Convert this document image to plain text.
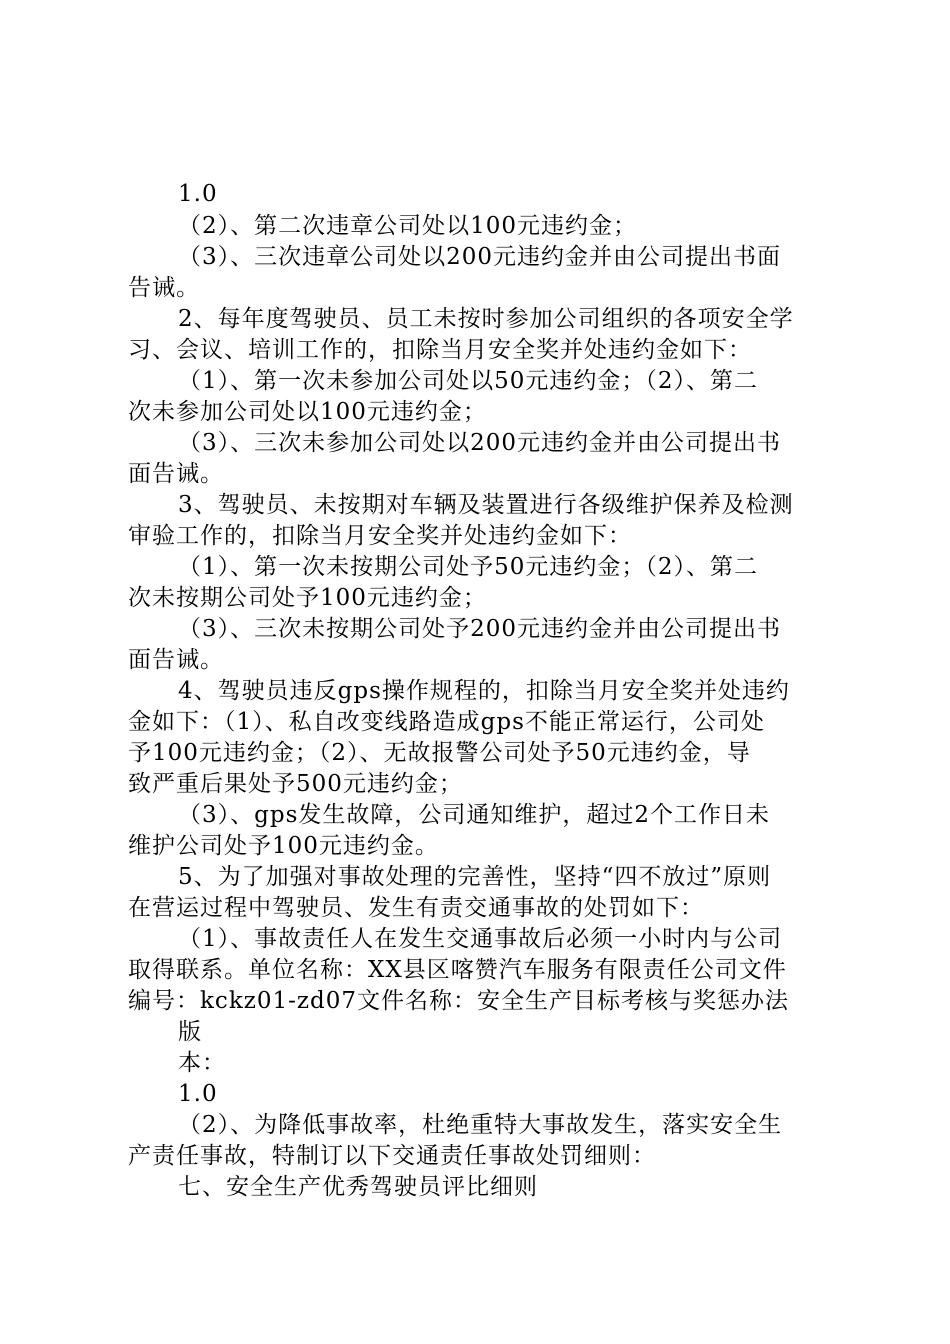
1.0
（2）、第二次违章公司处以100元违约金；
（3）、三次违章公司处以200元违约金并由公司提出书面
告诫。
2、每年度驾驶员、员工未按时参加公司组织的各项安全学
习、会议、培训工作的，扣除当月安全奖并处违约金如下：
（1）、第一次未参加公司处以50元违约金；（2）、第二
次未参加公司处以100元违约金；
（3）、三次未参加公司处以200元违约金并由公司提出书
面告诫。
3、驾驶员、未按期对车辆及装置进行各级维护保养及检测
审验工作的，扣除当月安全奖并处违约金如下：
（1）、第一次未按期公司处予50元违约金；（2）、第二
次未按期公司处予100元违约金；
（3）、三次未按期公司处予200元违约金并由公司提出书
面告诫。
4、驾驶员违反gps操作规程的，扣除当月安全奖并处违约
金如下：（1）、私自改变线路造成gps不能正常运行，公司处
予100元违约金；（2）、无故报警公司处予50元违约金，导
致严重后果处予500元违约金；
（3）、gps发生故障，公司通知维护，超过2个工作日未
维护公司处予100元违约金。
5、为了加强对事故处理的完善性，坚持“四不放过”原则
在营运过程中驾驶员、发生有责交通事故的处罚如下：
（1）、事故责任人在发生交通事故后必须一小时内与公司
取得联系。单位名称：XX县区喀赞汽车服务有限责任公司文件
编号：kckz01-zd07文件名称：安全生产目标考核与奖惩办法
版
本：
1.0
（2）、为降低事故率，杜绝重特大事故发生，落实安全生
产责任事故，特制订以下交通责任事故处罚细则：
七、安全生产优秀驾驶员评比细则
